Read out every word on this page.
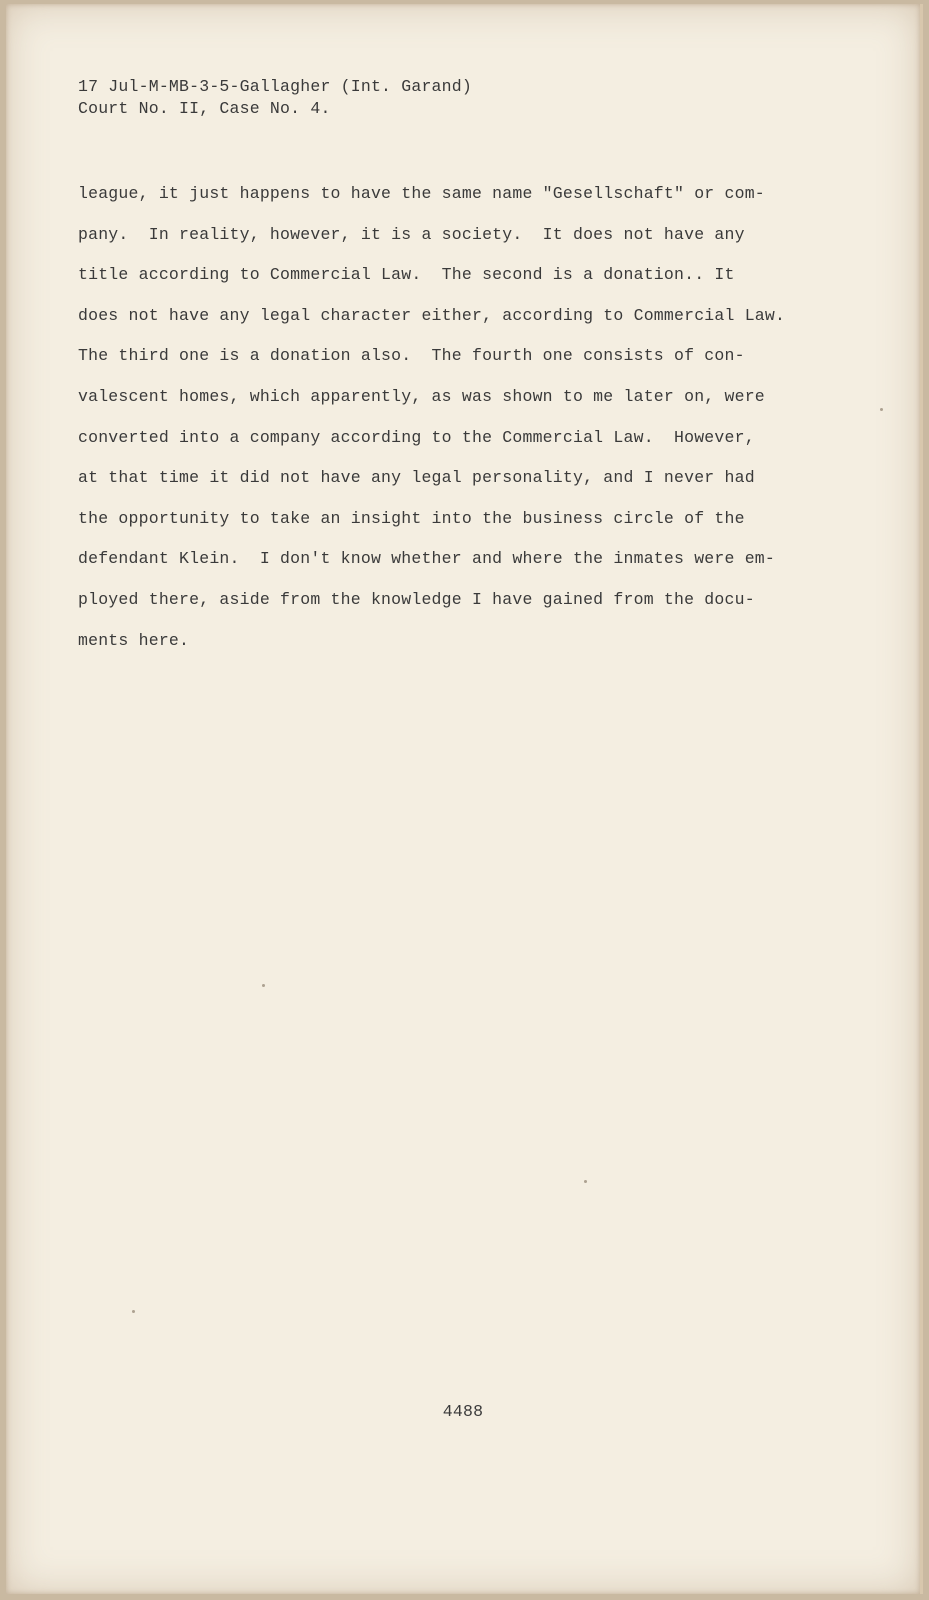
17 Jul-M-MB-3-5-Gallagher (Int. Garand)
Court No. II, Case No. 4.
league, it just happens to have the same name "Gesellschaft" or com-
pany.  In reality, however, it is a society.  It does not have any
title according to Commercial Law.  The second is a donation.. It
does not have any legal character either, according to Commercial Law.
The third one is a donation also.  The fourth one consists of con-
valescent homes, which apparently, as was shown to me later on, were
converted into a company according to the Commercial Law.  However,
at that time it did not have any legal personality, and I never had
the opportunity to take an insight into the business circle of the
defendant Klein.  I don't know whether and where the inmates were em-
ployed there, aside from the knowledge I have gained from the docu-
ments here.
4488
